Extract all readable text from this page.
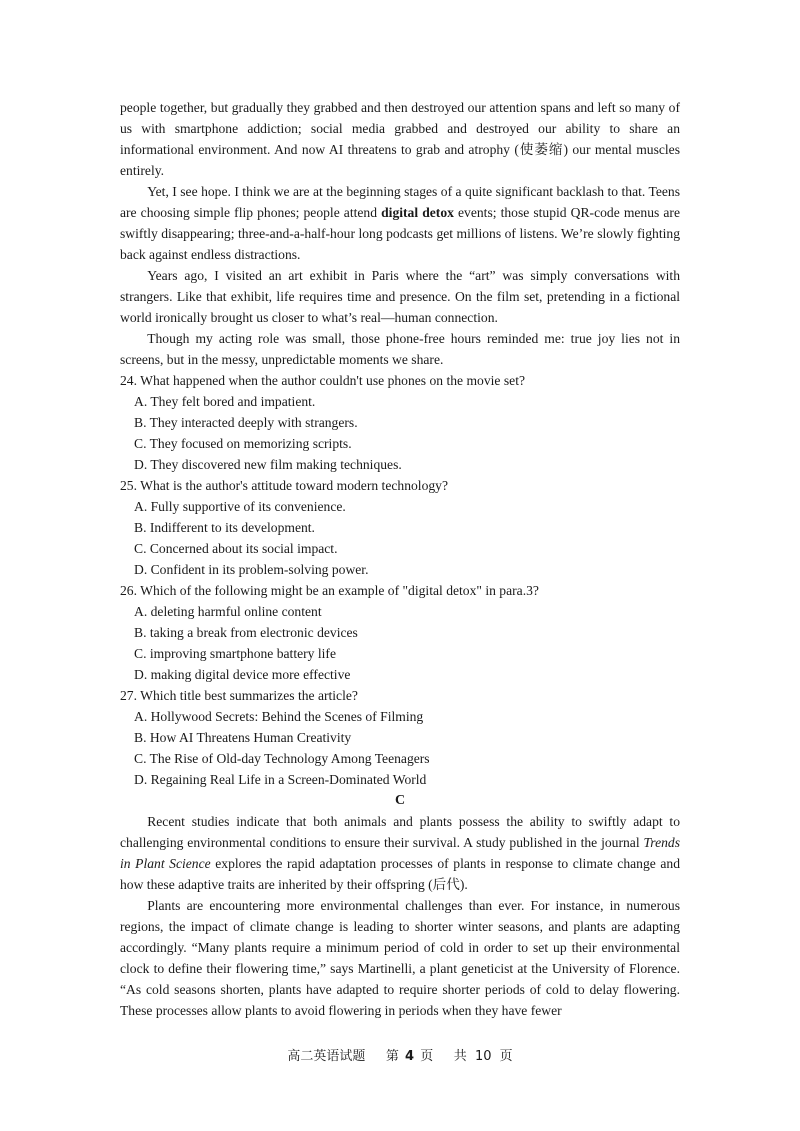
people together, but gradually they grabbed and then destroyed our attention spans and left so many of us with smartphone addiction; social media grabbed and destroyed our ability to share an informational environment. And now AI threatens to grab and atrophy (使萎缩) our mental muscles entirely.

Yet, I see hope. I think we are at the beginning stages of a quite significant backlash to that. Teens are choosing simple flip phones; people attend digital detox events; those stupid QR-code menus are swiftly disappearing; three-and-a-half-hour long podcasts get millions of listens. We’re slowly fighting back against endless distractions.

Years ago, I visited an art exhibit in Paris where the “art” was simply conversations with strangers. Like that exhibit, life requires time and presence. On the film set, pretending in a fictional world ironically brought us closer to what’s real—human connection.

Though my acting role was small, those phone-free hours reminded me: true joy lies not in screens, but in the messy, unpredictable moments we share.

24. What happened when the author couldn't use phones on the movie set?
A. They felt bored and impatient.
B. They interacted deeply with strangers.
C. They focused on memorizing scripts.
D. They discovered new film making techniques.
25. What is the author's attitude toward modern technology?
A. Fully supportive of its convenience.
B. Indifferent to its development.
C. Concerned about its social impact.
D. Confident in its problem-solving power.
26. Which of the following might be an example of "digital detox" in para.3?
A. deleting harmful online content
B. taking a break from electronic devices
C. improving smartphone battery life
D. making digital device more effective
27. Which title best summarizes the article?
A. Hollywood Secrets: Behind the Scenes of Filming
B. How AI Threatens Human Creativity
C. The Rise of Old-day Technology Among Teenagers
D. Regaining Real Life in a Screen-Dominated World
C

Recent studies indicate that both animals and plants possess the ability to swiftly adapt to challenging environmental conditions to ensure their survival. A study published in the journal Trends in Plant Science explores the rapid adaptation processes of plants in response to climate change and how these adaptive traits are inherited by their offspring (后代).

Plants are encountering more environmental challenges than ever. For instance, in numerous regions, the impact of climate change is leading to shorter winter seasons, and plants are adapting accordingly. “Many plants require a minimum period of cold in order to set up their environmental clock to define their flowering time,” says Martinelli, a plant geneticist at the University of Florence. “As cold seasons shorten, plants have adapted to require shorter periods of cold to delay flowering. These processes allow plants to avoid flowering in periods when they have fewer

高二英语试题 第 4 页 共 10 页
